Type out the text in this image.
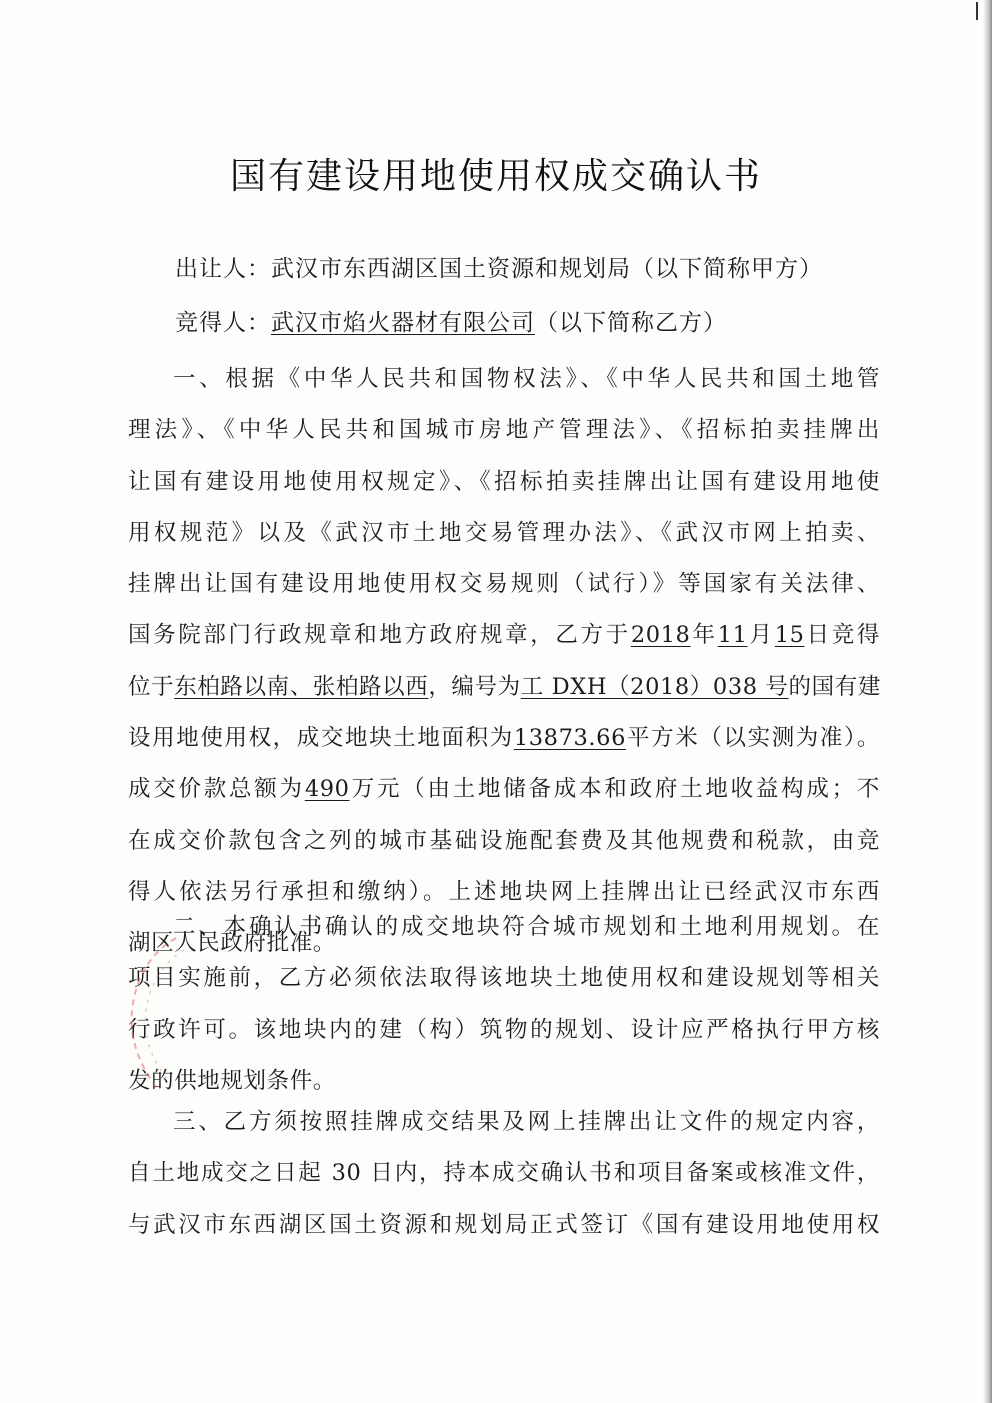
国有建设用地使用权成交确认书
出让人：武汉市东西湖区国土资源和规划局（以下简称甲方）
竞得人：武汉市焰火器材有限公司（以下简称乙方）
一、根据《中华人民共和国物权法》、《中华人民共和国土地管
理法》、《中华人民共和国城市房地产管理法》、《招标拍卖挂牌出
让国有建设用地使用权规定》、《招标拍卖挂牌出让国有建设用地使
用权规范》以及《武汉市土地交易管理办法》、《武汉市网上拍卖、
挂牌出让国有建设用地使用权交易规则（试行）》等国家有关法律、
国务院部门行政规章和地方政府规章，乙方于2018年11月15日竞得
位于东柏路以南、张柏路以西，编号为工 DXH（2018）038 号的国有建
设用地使用权，成交地块土地面积为13873.66平方米（以实测为准）。
成交价款总额为490万元（由土地储备成本和政府土地收益构成；不
在成交价款包含之列的城市基础设施配套费及其他规费和税款，由竞
得人依法另行承担和缴纳）。上述地块网上挂牌出让已经武汉市东西
湖区人民政府批准。
二、本确认书确认的成交地块符合城市规划和土地利用规划。在
项目实施前，乙方必须依法取得该地块土地使用权和建设规划等相关
行政许可。该地块内的建（构）筑物的规划、设计应严格执行甲方核
发的供地规划条件。
三、乙方须按照挂牌成交结果及网上挂牌出让文件的规定内容，
自土地成交之日起 30 日内，持本成交确认书和项目备案或核准文件，
与武汉市东西湖区国土资源和规划局正式签订《国有建设用地使用权
